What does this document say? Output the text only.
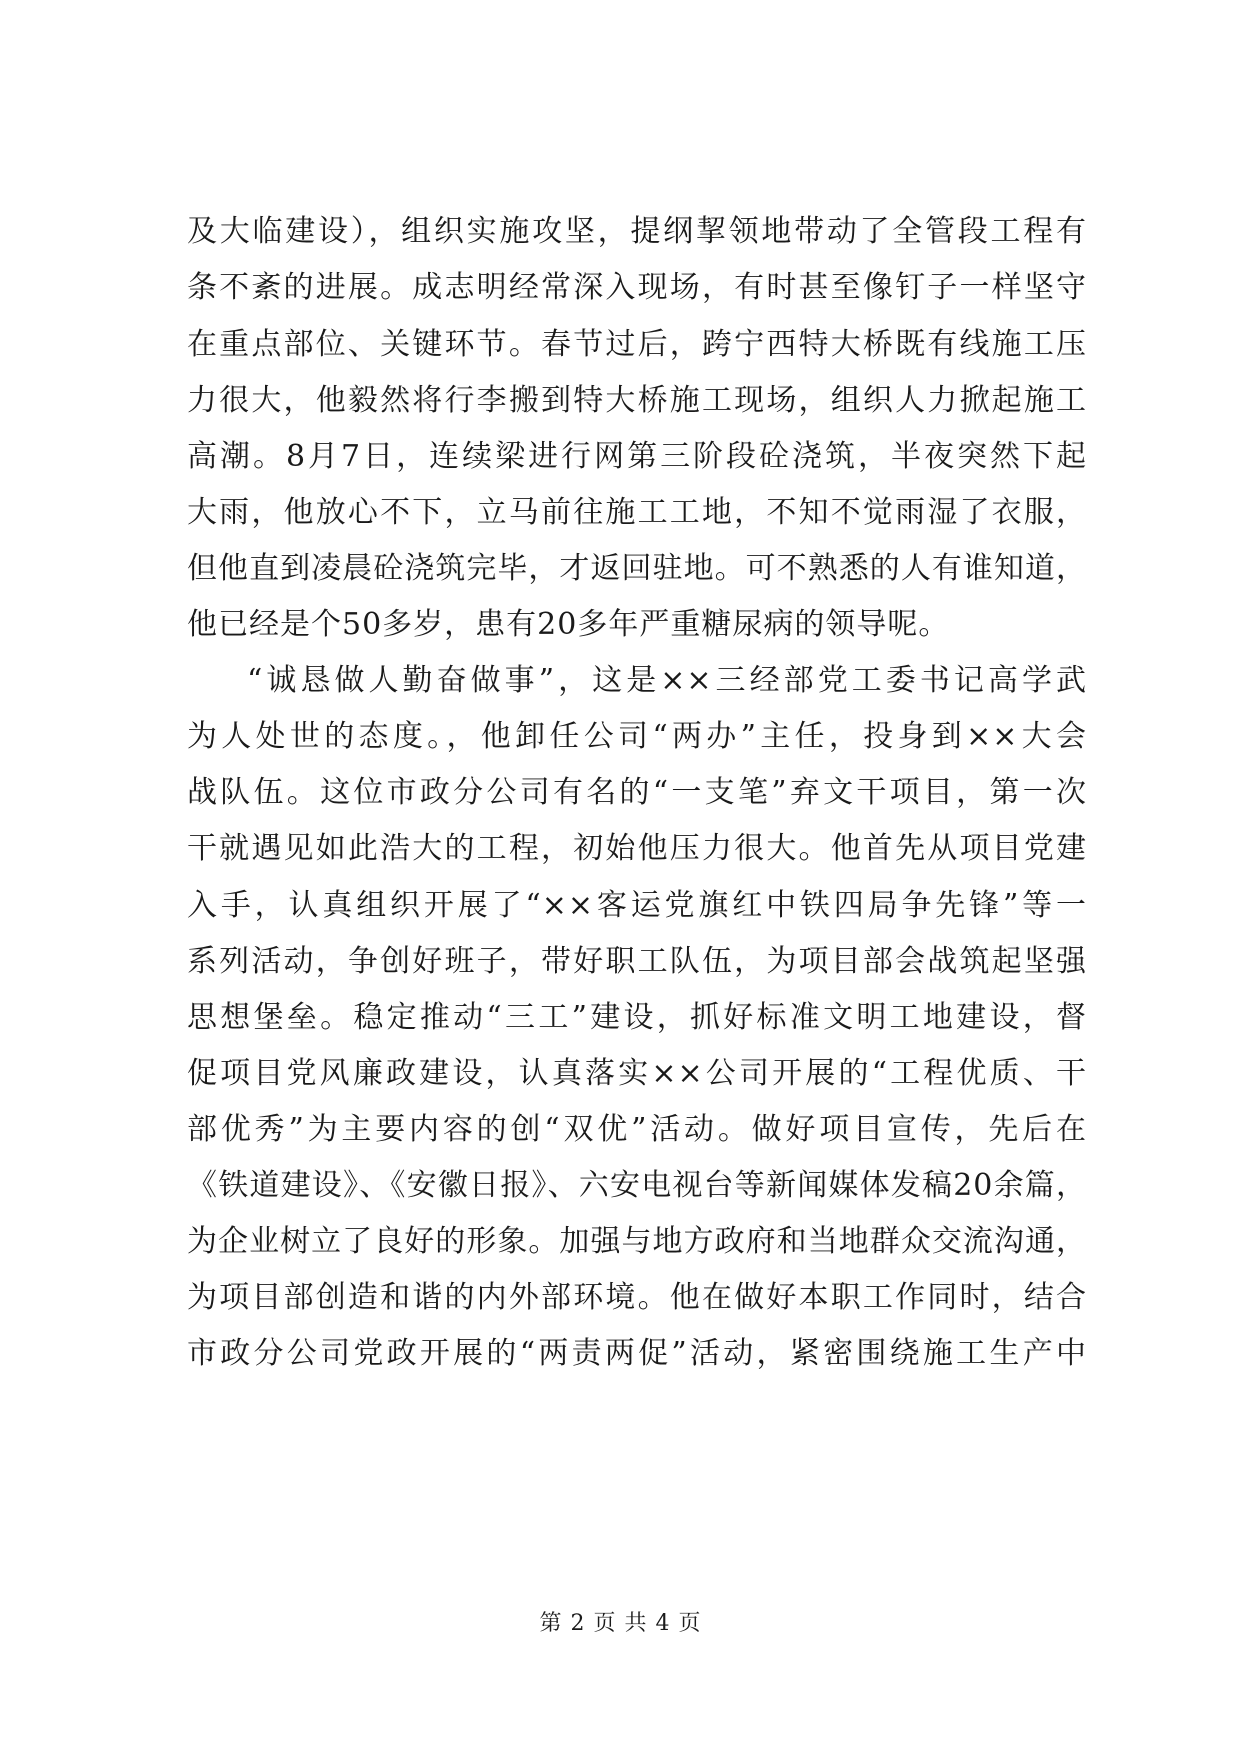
及大临建设），组织实施攻坚，提纲挈领地带动了全管段工程有
条不紊的进展。成志明经常深入现场，有时甚至像钉子一样坚守
在重点部位、关键环节。春节过后，跨宁西特大桥既有线施工压
力很大，他毅然将行李搬到特大桥施工现场，组织人力掀起施工
高潮。8月7日，连续梁进行网第三阶段砼浇筑，半夜突然下起
大雨，他放心不下，立马前往施工工地，不知不觉雨湿了衣服，
但他直到凌晨砼浇筑完毕，才返回驻地。可不熟悉的人有谁知道，
他已经是个50多岁，患有20多年严重糖尿病的领导呢。
“诚恳做人勤奋做事”，这是××三经部党工委书记高学武
为人处世的态度。，他卸任公司“两办”主任，投身到××大会
战队伍。这位市政分公司有名的“一支笔”弃文干项目，第一次
干就遇见如此浩大的工程，初始他压力很大。他首先从项目党建
入手，认真组织开展了“××客运党旗红中铁四局争先锋”等一
系列活动，争创好班子，带好职工队伍，为项目部会战筑起坚强
思想堡垒。稳定推动“三工”建设，抓好标准文明工地建设，督
促项目党风廉政建设，认真落实××公司开展的“工程优质、干
部优秀”为主要内容的创“双优”活动。做好项目宣传，先后在
《铁道建设》、《安徽日报》、六安电视台等新闻媒体发稿20余篇，
为企业树立了良好的形象。加强与地方政府和当地群众交流沟通，
为项目部创造和谐的内外部环境。他在做好本职工作同时，结合
市政分公司党政开展的“两责两促”活动，紧密围绕施工生产中
第 2 页 共 4 页
